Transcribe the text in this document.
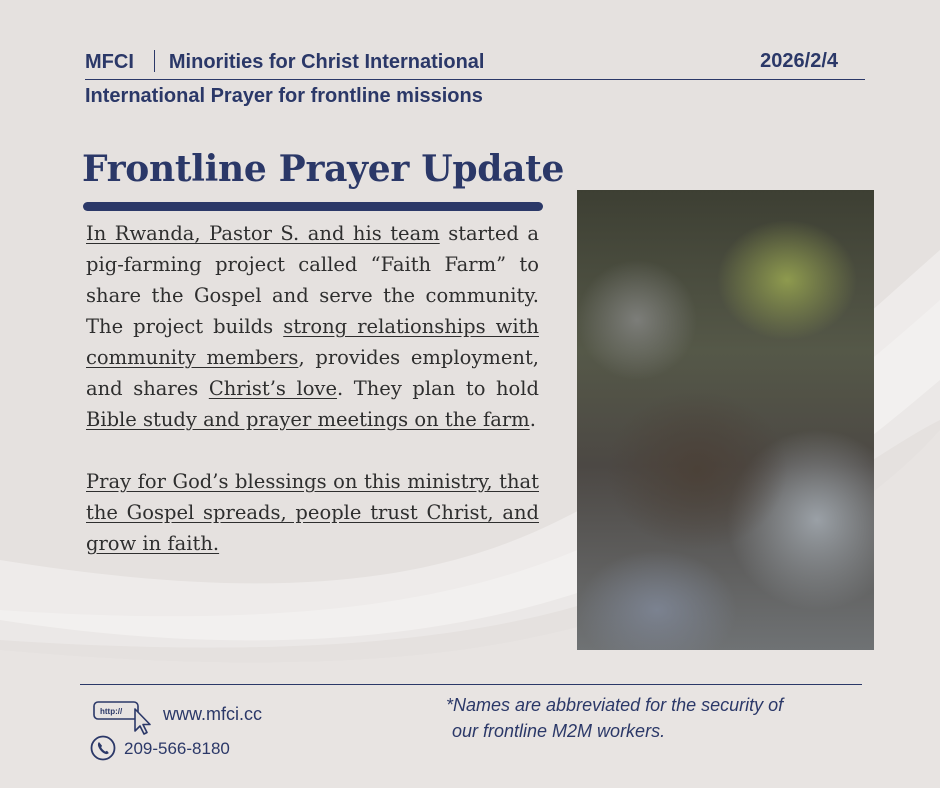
MFCI Minorities for Christ International	2026/2/4
International Prayer for frontline missions
Frontline Prayer Update

In Rwanda, Pastor S. and his team started a pig-farming project called “Faith Farm” to share the Gospel and serve the community. The project builds strong relationships with community members, provides employment, and shares Christ’s love. They plan to hold Bible study and prayer meetings on the farm.

Pray for God’s blessings on this ministry, that the Gospel spreads, people trust Christ, and grow in faith.

http:// www.mfci.cc
209-566-8180
*Names are abbreviated for the security of
our frontline M2M workers.
